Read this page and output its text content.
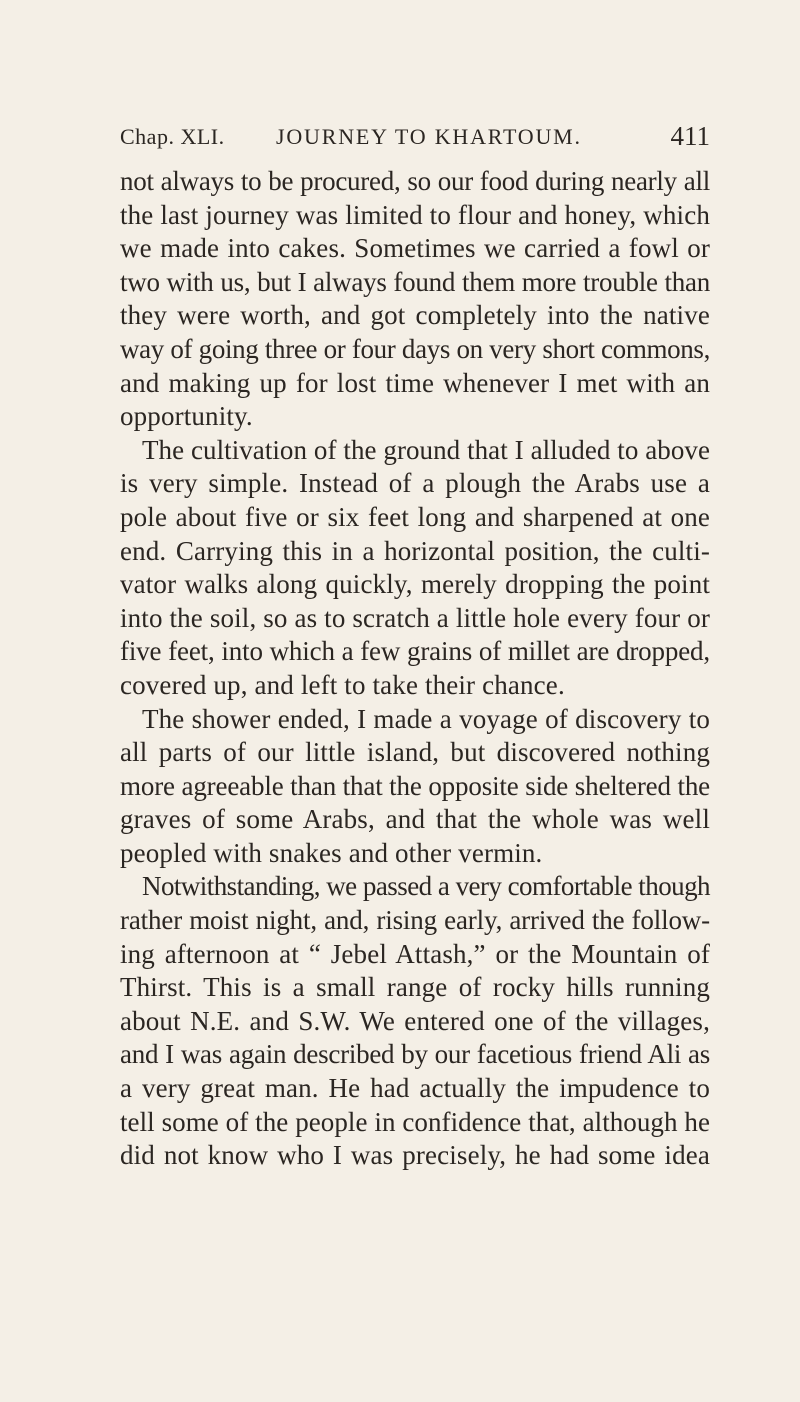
Chap. XLI. JOURNEY TO KHARTOUM.	411
not always to be procured, so our food during nearly all
the last journey was limited to flour and honey, which
we made into cakes. Sometimes we carried a fowl or
two with us, but I always found them more trouble than
they were worth, and got completely into the native
way of going three or four days on very short commons,
and making up for lost time whenever I met with an
opportunity.
The cultivation of the ground that I alluded to above
is very simple. Instead of a plough the Arabs use a
pole about five or six feet long and sharpened at one
end. Carrying this in a horizontal position, the culti-
vator walks along quickly, merely dropping the point
into the soil, so as to scratch a little hole every four or
five feet, into which a few grains of millet are dropped,
covered up, and left to take their chance.
The shower ended, I made a voyage of discovery to
all parts of our little island, but discovered nothing
more agreeable than that the opposite side sheltered the
graves of some Arabs, and that the whole was well
peopled with snakes and other vermin.
Notwithstanding, we passed a very comfortable though
rather moist night, and, rising early, arrived the follow-
ing afternoon at “ Jebel Attash,” or the Mountain of
Thirst. This is a small range of rocky hills running
about N.E. and S.W. We entered one of the villages,
and I was again described by our facetious friend Ali as
a very great man. He had actually the impudence to
tell some of the people in confidence that, although he
did not know who I was precisely, he had some idea
